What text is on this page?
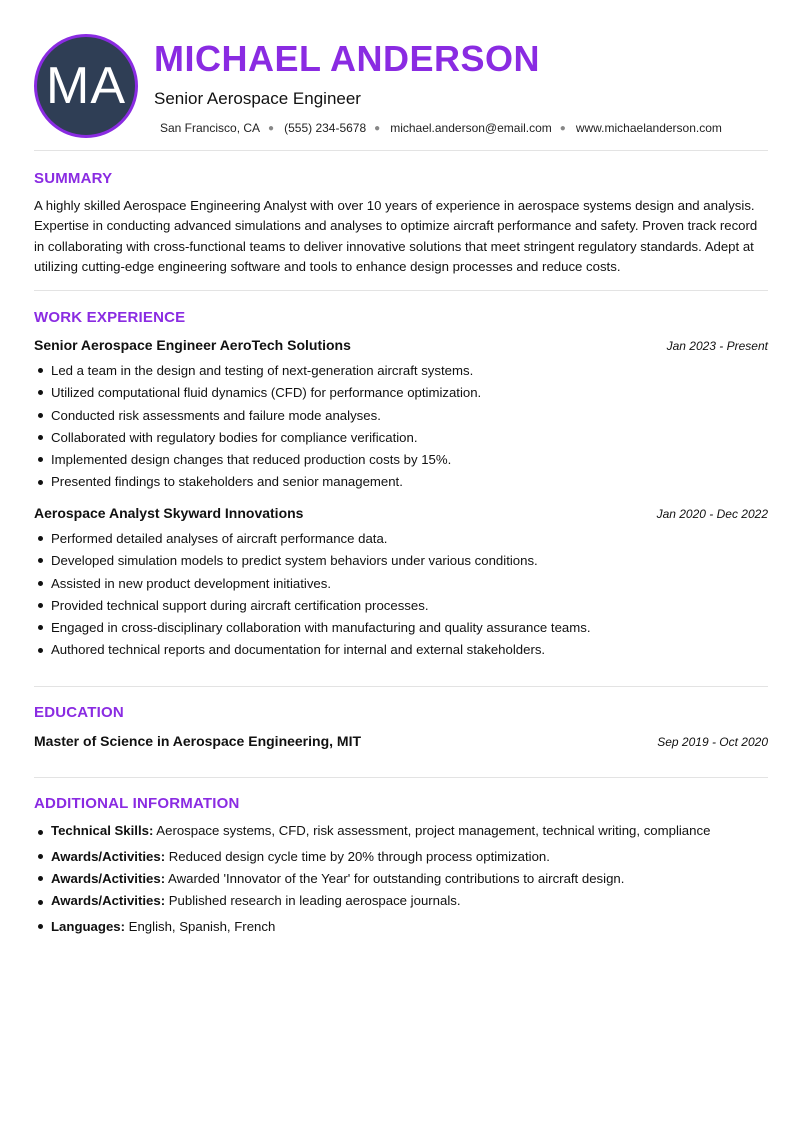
MA MICHAEL ANDERSON
Senior Aerospace Engineer
San Francisco, CA ● (555) 234-5678 ● michael.anderson@email.com ● www.michaelanderson.com
SUMMARY

A highly skilled Aerospace Engineering Analyst with over 10 years of experience in aerospace systems design and analysis. Expertise in conducting advanced simulations and analyses to optimize aircraft performance and safety. Proven track record in collaborating with cross-functional teams to deliver innovative solutions that meet stringent regulatory standards. Adept at utilizing cutting-edge engineering software and tools to enhance design processes and reduce costs.

WORK EXPERIENCE
Senior Aerospace Engineer AeroTech Solutions	Jan 2023 - Present
Led a team in the design and testing of next-generation aircraft systems.
Utilized computational fluid dynamics (CFD) for performance optimization.
Conducted risk assessments and failure mode analyses.
Collaborated with regulatory bodies for compliance verification.
Implemented design changes that reduced production costs by 15%.
Presented findings to stakeholders and senior management.
Aerospace Analyst Skyward Innovations	Jan 2020 - Dec 2022
Performed detailed analyses of aircraft performance data.
Developed simulation models to predict system behaviors under various conditions.
Assisted in new product development initiatives.
Provided technical support during aircraft certification processes.
Engaged in cross-disciplinary collaboration with manufacturing and quality assurance teams.
Authored technical reports and documentation for internal and external stakeholders.
EDUCATION
Master of Science in Aerospace Engineering, MIT	Sep 2019 - Oct 2020
ADDITIONAL INFORMATION
Technical Skills: Aerospace systems, CFD, risk assessment, project management, technical writing, compliance
Awards/Activities: Reduced design cycle time by 20% through process optimization.
Awards/Activities: Awarded 'Innovator of the Year' for outstanding contributions to aircraft design.
Awards/Activities: Published research in leading aerospace journals.
Languages: English, Spanish, French
